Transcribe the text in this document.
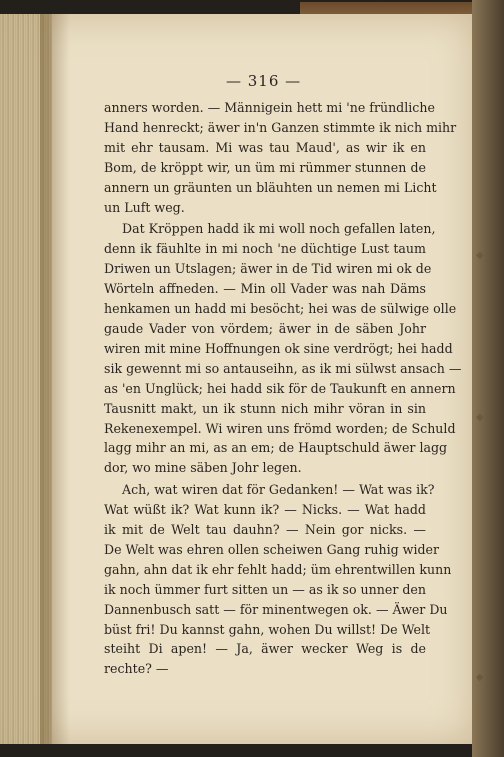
◆
◆
◆
— 316 —

anners worden. — Männigein hett mi 'ne fründliche
Hand henreckt; äwer in'n Ganzen stimmte ik nich mihr
mit ehr tausam. Mi was tau Maud', as wir ik en
Bom, de kröppt wir, un üm mi rümmer stunnen de
annern un gräunten un bläuhten un nemen mi Licht
un Luft weg.

Dat Kröppen hadd ik mi woll noch gefallen laten,
denn ik fäuhlte in mi noch 'ne düchtige Lust taum
Driwen un Utslagen; äwer in de Tid wiren mi ok de
Wörteln affneden. — Min oll Vader was nah Däms
henkamen un hadd mi besöcht; hei was de sülwige olle
gaude Vader von vördem; äwer in de säben Johr
wiren mit mine Hoffnungen ok sine verdrögt; hei hadd
sik gewennt mi so antauseihn, as ik mi sülwst ansach —
as 'en Unglück; hei hadd sik för de Taukunft en annern
Tausnitt makt, un ik stunn nich mihr vöran in sin
Rekenexempel. Wi wiren uns frömd worden; de Schuld
lagg mihr an mi, as an em; de Hauptschuld äwer lagg
dor, wo mine säben Johr legen.

Ach, wat wiren dat för Gedanken! — Wat was ik?
Wat wüßt ik? Wat kunn ik? — Nicks. — Wat hadd
ik mit de Welt tau dauhn? — Nein gor nicks. —
De Welt was ehren ollen scheiwen Gang ruhig wider
gahn, ahn dat ik ehr fehlt hadd; üm ehrentwillen kunn
ik noch ümmer furt sitten un — as ik so unner den
Dannenbusch satt — för minentwegen ok. — Äwer Du
büst fri! Du kannst gahn, wohen Du willst! De Welt
steiht Di apen! — Ja, äwer wecker Weg is de
rechte? —
